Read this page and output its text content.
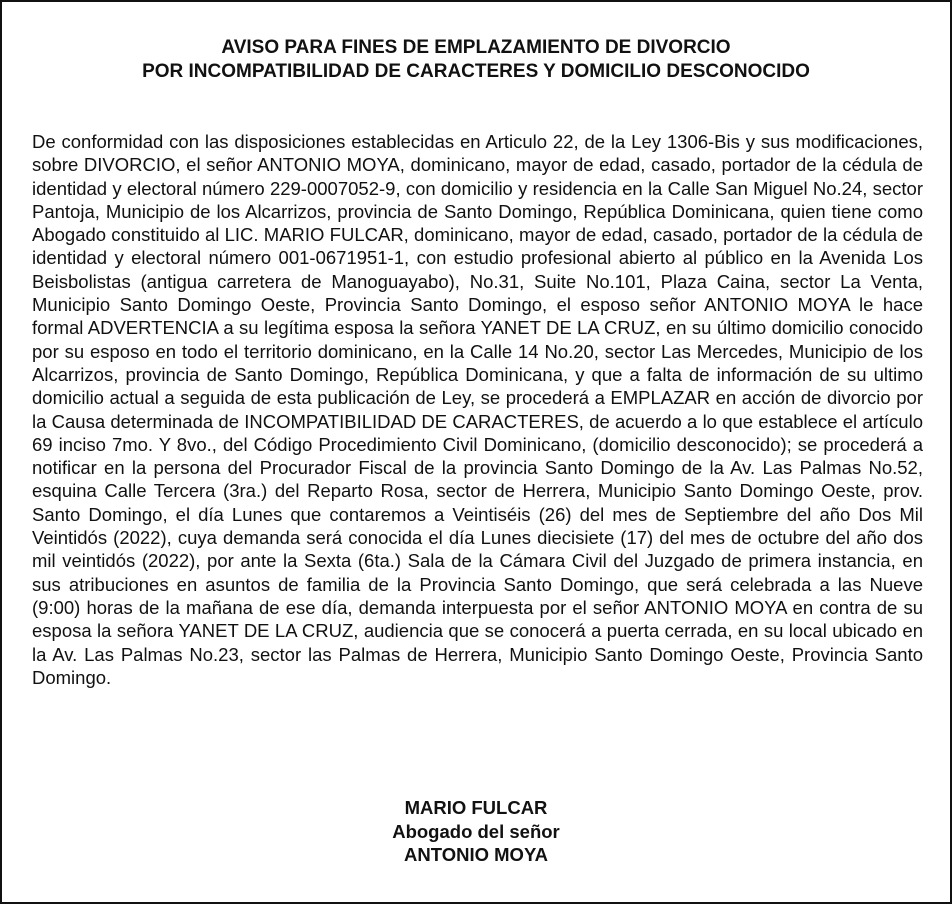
AVISO PARA FINES DE EMPLAZAMIENTO DE DIVORCIO
POR INCOMPATIBILIDAD DE CARACTERES Y DOMICILIO DESCONOCIDO

De conformidad con las disposiciones establecidas en Articulo 22, de la Ley 1306-Bis y sus modificaciones, sobre DIVORCIO, el señor ANTONIO MOYA, dominicano, mayor de edad, casado, portador de la cédula de identidad y electoral número 229-0007052-9, con domicilio y residencia en la Calle San Miguel No.24, sector Pantoja, Municipio de los Alcarrizos, provincia de Santo Domingo, República Dominicana, quien tiene como Abogado constituido al LIC. MARIO FULCAR, dominicano, mayor de edad, casado, portador de la cédula de identidad y electoral número 001-0671951-1, con estudio profesional abierto al público en la Avenida Los Beisbolistas (antigua carretera de Manoguayabo), No.31, Suite No.101, Plaza Caina, sector La Venta, Municipio Santo Domingo Oeste, Provincia Santo Domingo, el esposo señor ANTONIO MOYA le hace formal ADVERTENCIA a su legítima esposa la señora YANET DE LA CRUZ, en su último domicilio conocido por su esposo en todo el territorio dominicano, en la Calle 14 No.20, sector Las Mercedes, Municipio de los Alcarrizos, provincia de Santo Domingo, República Dominicana, y que a falta de información de su ultimo domicilio actual a seguida de esta publicación de Ley, se procederá a EMPLAZAR en acción de divorcio por la Causa determinada de INCOMPATIBILIDAD DE CARACTERES, de acuerdo a lo que establece el artículo 69 inciso 7mo. Y 8vo., del Código Procedimiento Civil Dominicano, (domicilio desconocido); se procederá a notificar en la persona del Procurador Fiscal de la provincia Santo Domingo de la Av. Las Palmas No.52, esquina Calle Tercera (3ra.) del Reparto Rosa, sector de Herrera, Municipio Santo Domingo Oeste, prov. Santo Domingo, el día Lunes que contaremos a Veintiséis (26) del mes de Septiembre del año Dos Mil Veintidós (2022), cuya demanda será conocida el día Lunes diecisiete (17) del mes de octubre del año dos mil veintidós (2022), por ante la Sexta (6ta.) Sala de la Cámara Civil del Juzgado de primera instancia, en sus atribuciones en asuntos de familia de la Provincia Santo Domingo, que será celebrada a las Nueve (9:00) horas de la mañana de ese día, demanda interpuesta por el señor ANTONIO MOYA en contra de su esposa la señora YANET DE LA CRUZ, audiencia que se conocerá a puerta cerrada, en su local ubicado en la Av. Las Palmas No.23, sector las Palmas de Herrera, Municipio Santo Domingo Oeste, Provincia Santo Domingo.

MARIO FULCAR
Abogado del señor
ANTONIO MOYA
